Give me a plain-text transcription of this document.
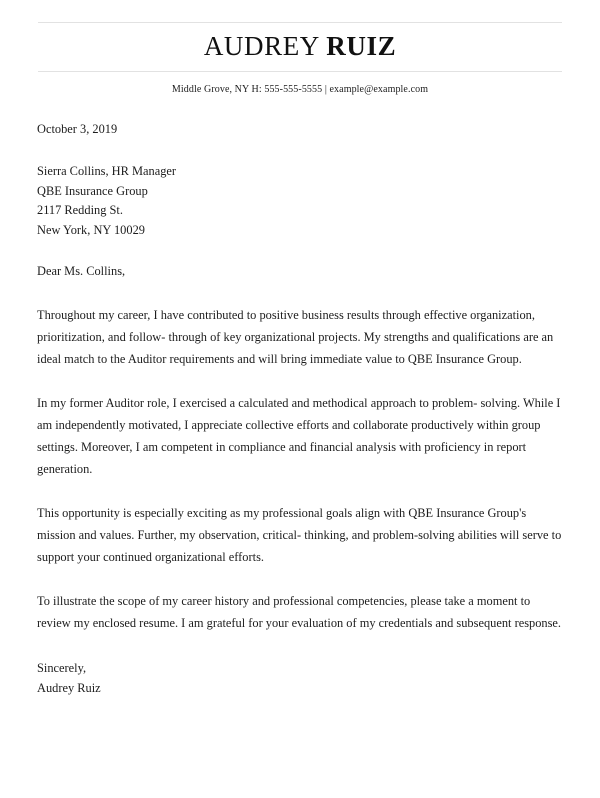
AUDREY RUIZ
Middle Grove, NY H: 555-555-5555 | example@example.com
October 3, 2019
Sierra Collins, HR Manager
QBE Insurance Group
2117 Redding St.
New York, NY 10029
Dear Ms. Collins,

Throughout my career, I have contributed to positive business results through effective organization, prioritization, and follow- through of key organizational projects. My strengths and qualifications are an ideal match to the Auditor requirements and will bring immediate value to QBE Insurance Group.

In my former Auditor role, I exercised a calculated and methodical approach to problem- solving. While I am independently motivated, I appreciate collective efforts and collaborate productively within group settings. Moreover, I am competent in compliance and financial analysis with proficiency in report generation.

This opportunity is especially exciting as my professional goals align with QBE Insurance Group's mission and values. Further, my observation, critical- thinking, and problem-solving abilities will serve to support your continued organizational efforts.

To illustrate the scope of my career history and professional competencies, please take a moment to review my enclosed resume. I am grateful for your evaluation of my credentials and subsequent response.

Sincerely,
Audrey Ruiz
